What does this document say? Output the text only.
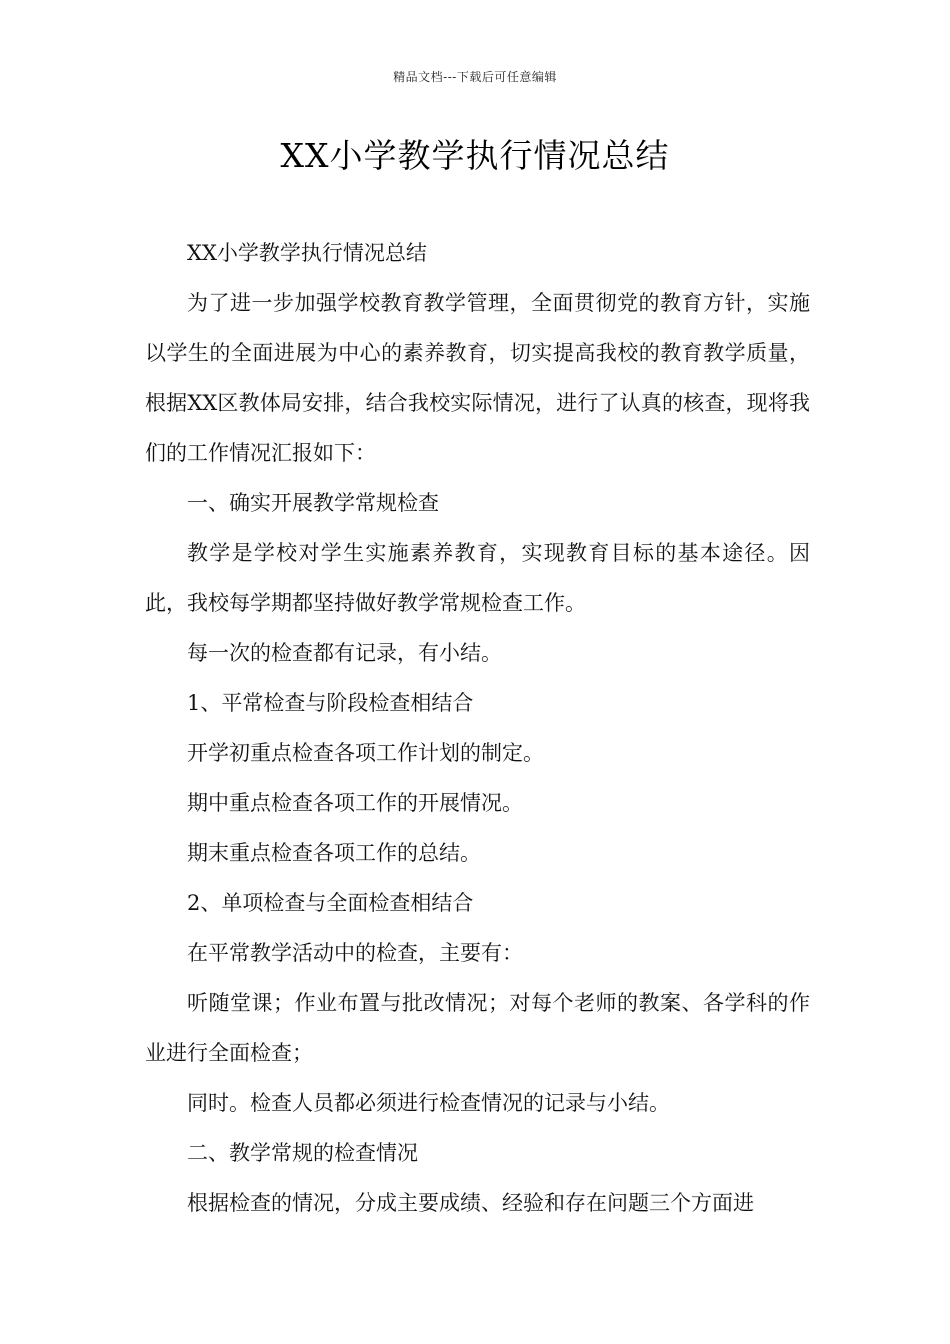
精品文档---下载后可任意编辑
XX小学教学执行情况总结

XX小学教学执行情况总结

为了进一步加强学校教育教学管理，全面贯彻党的教育方针，实施以学生的全面进展为中心的素养教育，切实提高我校的教育教学质量，根据XX区教体局安排，结合我校实际情况，进行了认真的核查，现将我们的工作情况汇报如下：

一、确实开展教学常规检查

教学是学校对学生实施素养教育，实现教育目标的基本途径。因此，我校每学期都坚持做好教学常规检查工作。

每一次的检查都有记录，有小结。

1、平常检查与阶段检查相结合

开学初重点检查各项工作计划的制定。

期中重点检查各项工作的开展情况。

期末重点检查各项工作的总结。

2、单项检查与全面检查相结合

在平常教学活动中的检查，主要有：

听随堂课；作业布置与批改情况；对每个老师的教案、各学科的作业进行全面检查；

同时。检查人员都必须进行检查情况的记录与小结。

二、教学常规的检查情况

根据检查的情况，分成主要成绩、经验和存在问题三个方面进
